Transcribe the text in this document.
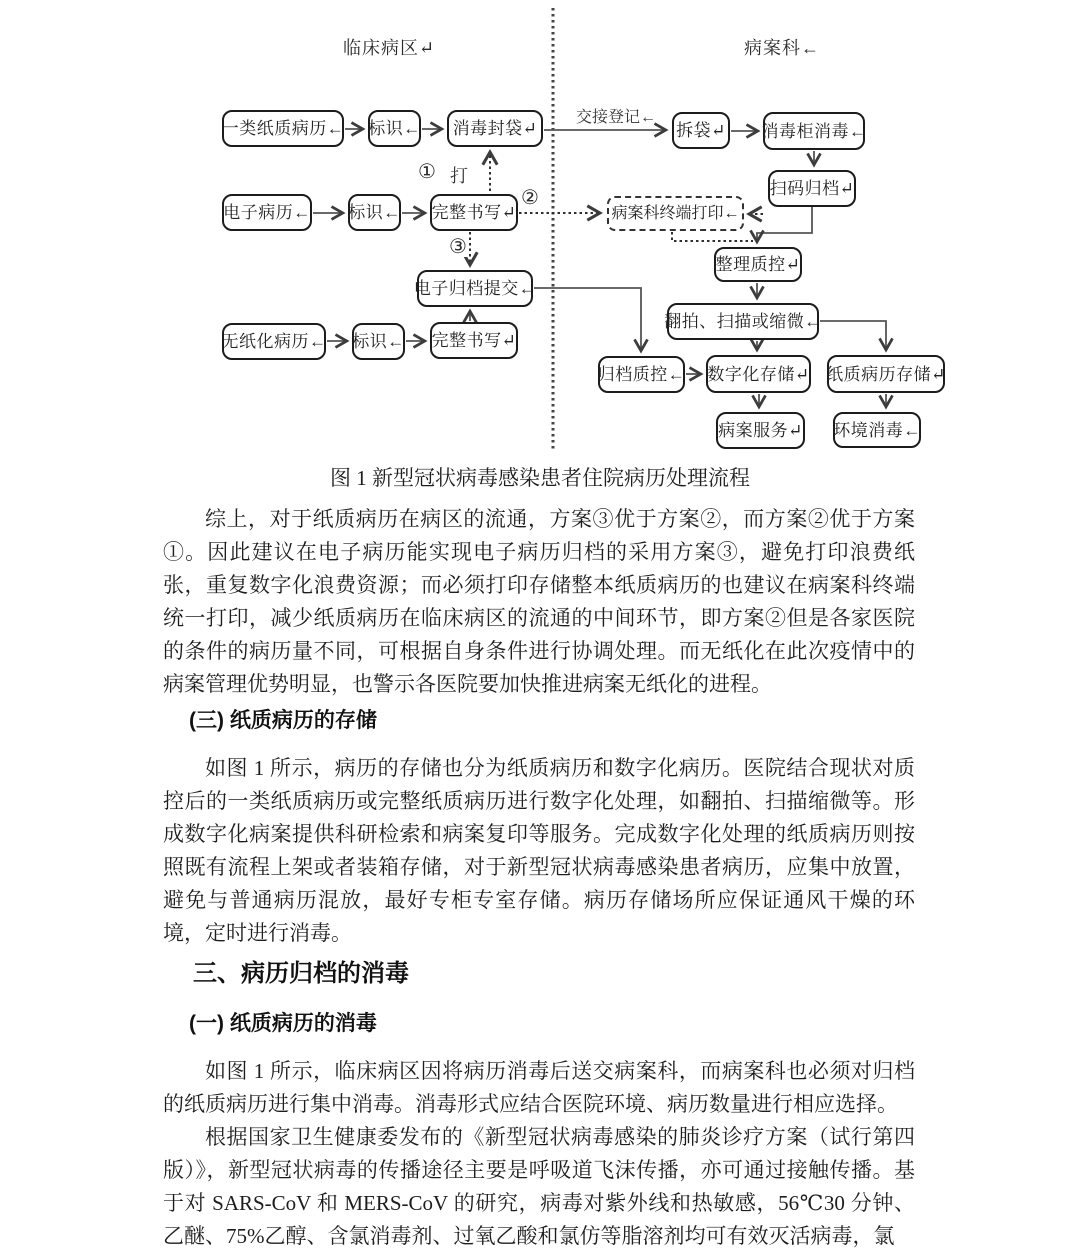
临床病区↵	病案科←
一类纸质病历← 标识←	消毒封袋↵	拆袋↵ 消毒柜消毒←
扫码归档↵
病案科终端打印←
电子病历← 标识← 完整书写↵
整理质控↵
电子归档提交←
翻拍、扫描或缩微←
无纸化病历← 标识← 完整书写↵
归档质控← 数字化存储↵ 纸质病历存储↵
病案服务↵ 环境消毒←
交接登记←
① 打
②
③
图 1 新型冠状病毒感染患者住院病历处理流程

综上，对于纸质病历在病区的流通，方案③优于方案②，而方案②优于方案①。因此建议在电子病历能实现电子病历归档的采用方案③，避免打印浪费纸张，重复数字化浪费资源；而必须打印存储整本纸质病历的也建议在病案科终端统一打印，减少纸质病历在临床病区的流通的中间环节，即方案②但是各家医院的条件的病历量不同，可根据自身条件进行协调处理。而无纸化在此次疫情中的病案管理优势明显，也警示各医院要加快推进病案无纸化的进程。

(三) 纸质病历的存储

如图 1 所示，病历的存储也分为纸质病历和数字化病历。医院结合现状对质控后的一类纸质病历或完整纸质病历进行数字化处理，如翻拍、扫描缩微等。形成数字化病案提供科研检索和病案复印等服务。完成数字化处理的纸质病历则按照既有流程上架或者装箱存储，对于新型冠状病毒感染患者病历，应集中放置，避免与普通病历混放，最好专柜专室存储。病历存储场所应保证通风干燥的环境，定时进行消毒。

三、病历归档的消毒
(一) 纸质病历的消毒

如图 1 所示，临床病区因将病历消毒后送交病案科，而病案科也必须对归档的纸质病历进行集中消毒。消毒形式应结合医院环境、病历数量进行相应选择。

根据国家卫生健康委发布的《新型冠状病毒感染的肺炎诊疗方案（试行第四版）》，新型冠状病毒的传播途径主要是呼吸道飞沫传播，亦可通过接触传播。基于对 SARS-CoV 和 MERS-CoV 的研究，病毒对紫外线和热敏感，56℃30 分钟、乙醚、75%乙醇、含氯消毒剂、过氧乙酸和氯仿等脂溶剂均可有效灭活病毒，氯
